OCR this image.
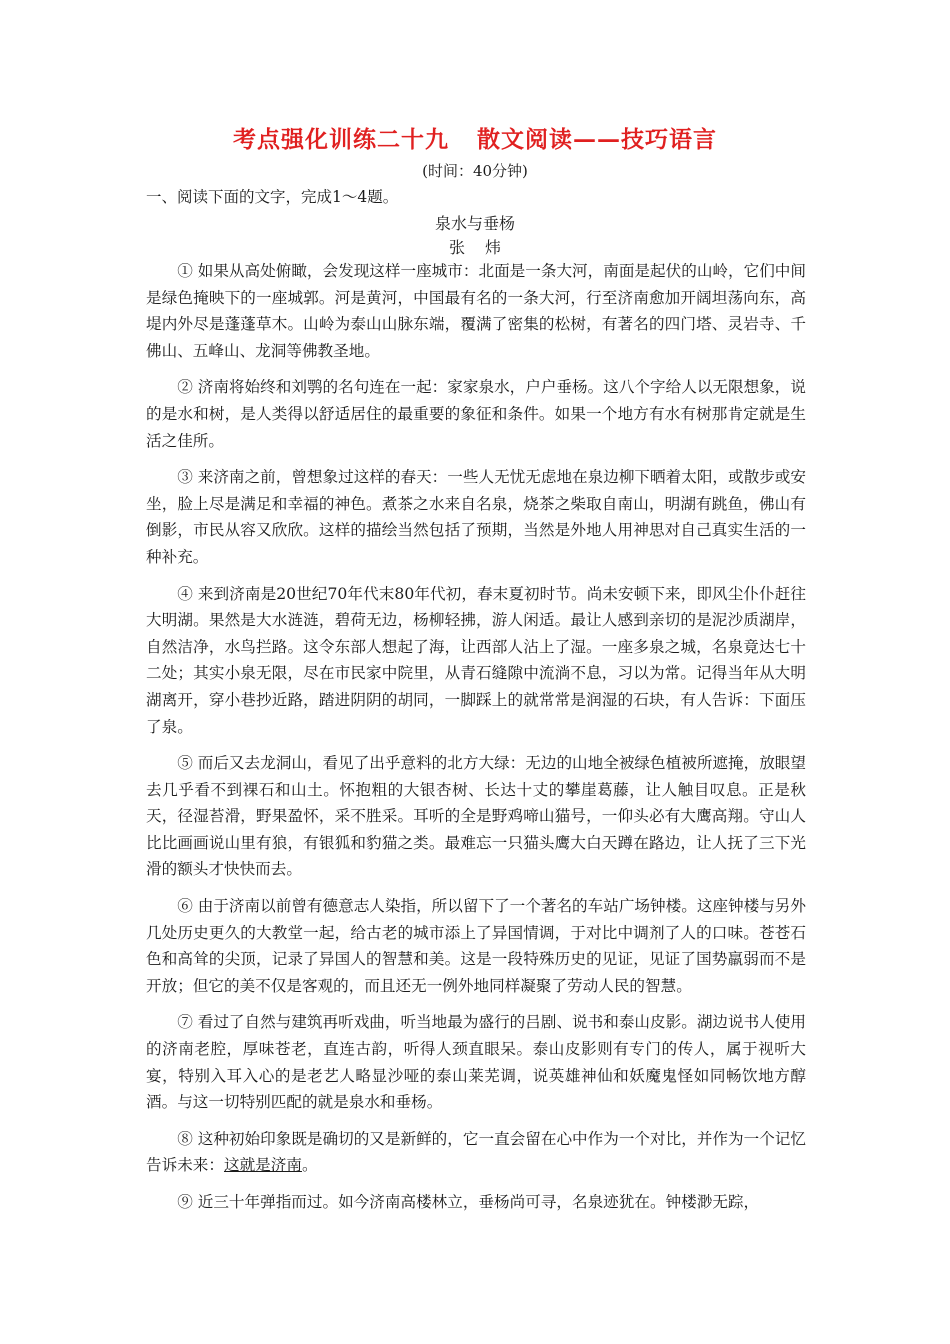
考点强化训练二十九 散文阅读——技巧语言
(时间：40分钟)
一、阅读下面的文字，完成1～4题。
泉水与垂杨
张 炜

① 如果从高处俯瞰，会发现这样一座城市：北面是一条大河，南面是起伏的山岭，它们中间是绿色掩映下的一座城郭。河是黄河，中国最有名的一条大河，行至济南愈加开阔坦荡向东，高堤内外尽是蓬蓬草木。山岭为泰山山脉东端，覆满了密集的松树，有著名的四门塔、灵岩寺、千佛山、五峰山、龙洞等佛教圣地。

② 济南将始终和刘鹗的名句连在一起：家家泉水，户户垂杨。这八个字给人以无限想象，说的是水和树，是人类得以舒适居住的最重要的象征和条件。如果一个地方有水有树那肯定就是生活之佳所。

③ 来济南之前，曾想象过这样的春天：一些人无忧无虑地在泉边柳下晒着太阳，或散步或安坐，脸上尽是满足和幸福的神色。煮茶之水来自名泉，烧茶之柴取自南山，明湖有跳鱼，佛山有倒影，市民从容又欣欣。这样的描绘当然包括了预期，当然是外地人用神思对自己真实生活的一种补充。

④ 来到济南是20世纪70年代末80年代初，春末夏初时节。尚未安顿下来，即风尘仆仆赶往大明湖。果然是大水涟涟，碧荷无边，杨柳轻拂，游人闲适。最让人感到亲切的是泥沙质湖岸，自然洁净，水鸟拦路。这令东部人想起了海，让西部人沾上了湿。一座多泉之城，名泉竟达七十二处；其实小泉无限，尽在市民家中院里，从青石缝隙中流淌不息，习以为常。记得当年从大明湖离开，穿小巷抄近路，踏进阴阴的胡同，一脚踩上的就常常是润湿的石块，有人告诉：下面压了泉。

⑤ 而后又去龙洞山，看见了出乎意料的北方大绿：无边的山地全被绿色植被所遮掩，放眼望去几乎看不到裸石和山土。怀抱粗的大银杏树、长达十丈的攀崖葛藤，让人触目叹息。正是秋天，径湿苔滑，野果盈怀，采不胜采。耳听的全是野鸡啼山猫号，一仰头必有大鹰高翔。守山人比比画画说山里有狼，有银狐和豹猫之类。最难忘一只猫头鹰大白天蹲在路边，让人抚了三下光滑的额头才快快而去。

⑥ 由于济南以前曾有德意志人染指，所以留下了一个著名的车站广场钟楼。这座钟楼与另外几处历史更久的大教堂一起，给古老的城市添上了异国情调，于对比中调剂了人的口味。苍苍石色和高耸的尖顶，记录了异国人的智慧和美。这是一段特殊历史的见证，见证了国势羸弱而不是开放；但它的美不仅是客观的，而且还无一例外地同样凝聚了劳动人民的智慧。

⑦ 看过了自然与建筑再听戏曲，听当地最为盛行的吕剧、说书和泰山皮影。湖边说书人使用的济南老腔，厚味苍老，直连古韵，听得人颈直眼呆。泰山皮影则有专门的传人，属于视听大宴，特别入耳入心的是老艺人略显沙哑的泰山莱芜调，说英雄神仙和妖魔鬼怪如同畅饮地方醇酒。与这一切特别匹配的就是泉水和垂杨。

⑧ 这种初始印象既是确切的又是新鲜的，它一直会留在心中作为一个对比，并作为一个记忆告诉未来：这就是济南。

⑨ 近三十年弹指而过。如今济南高楼林立，垂杨尚可寻，名泉迹犹在。钟楼渺无踪，
